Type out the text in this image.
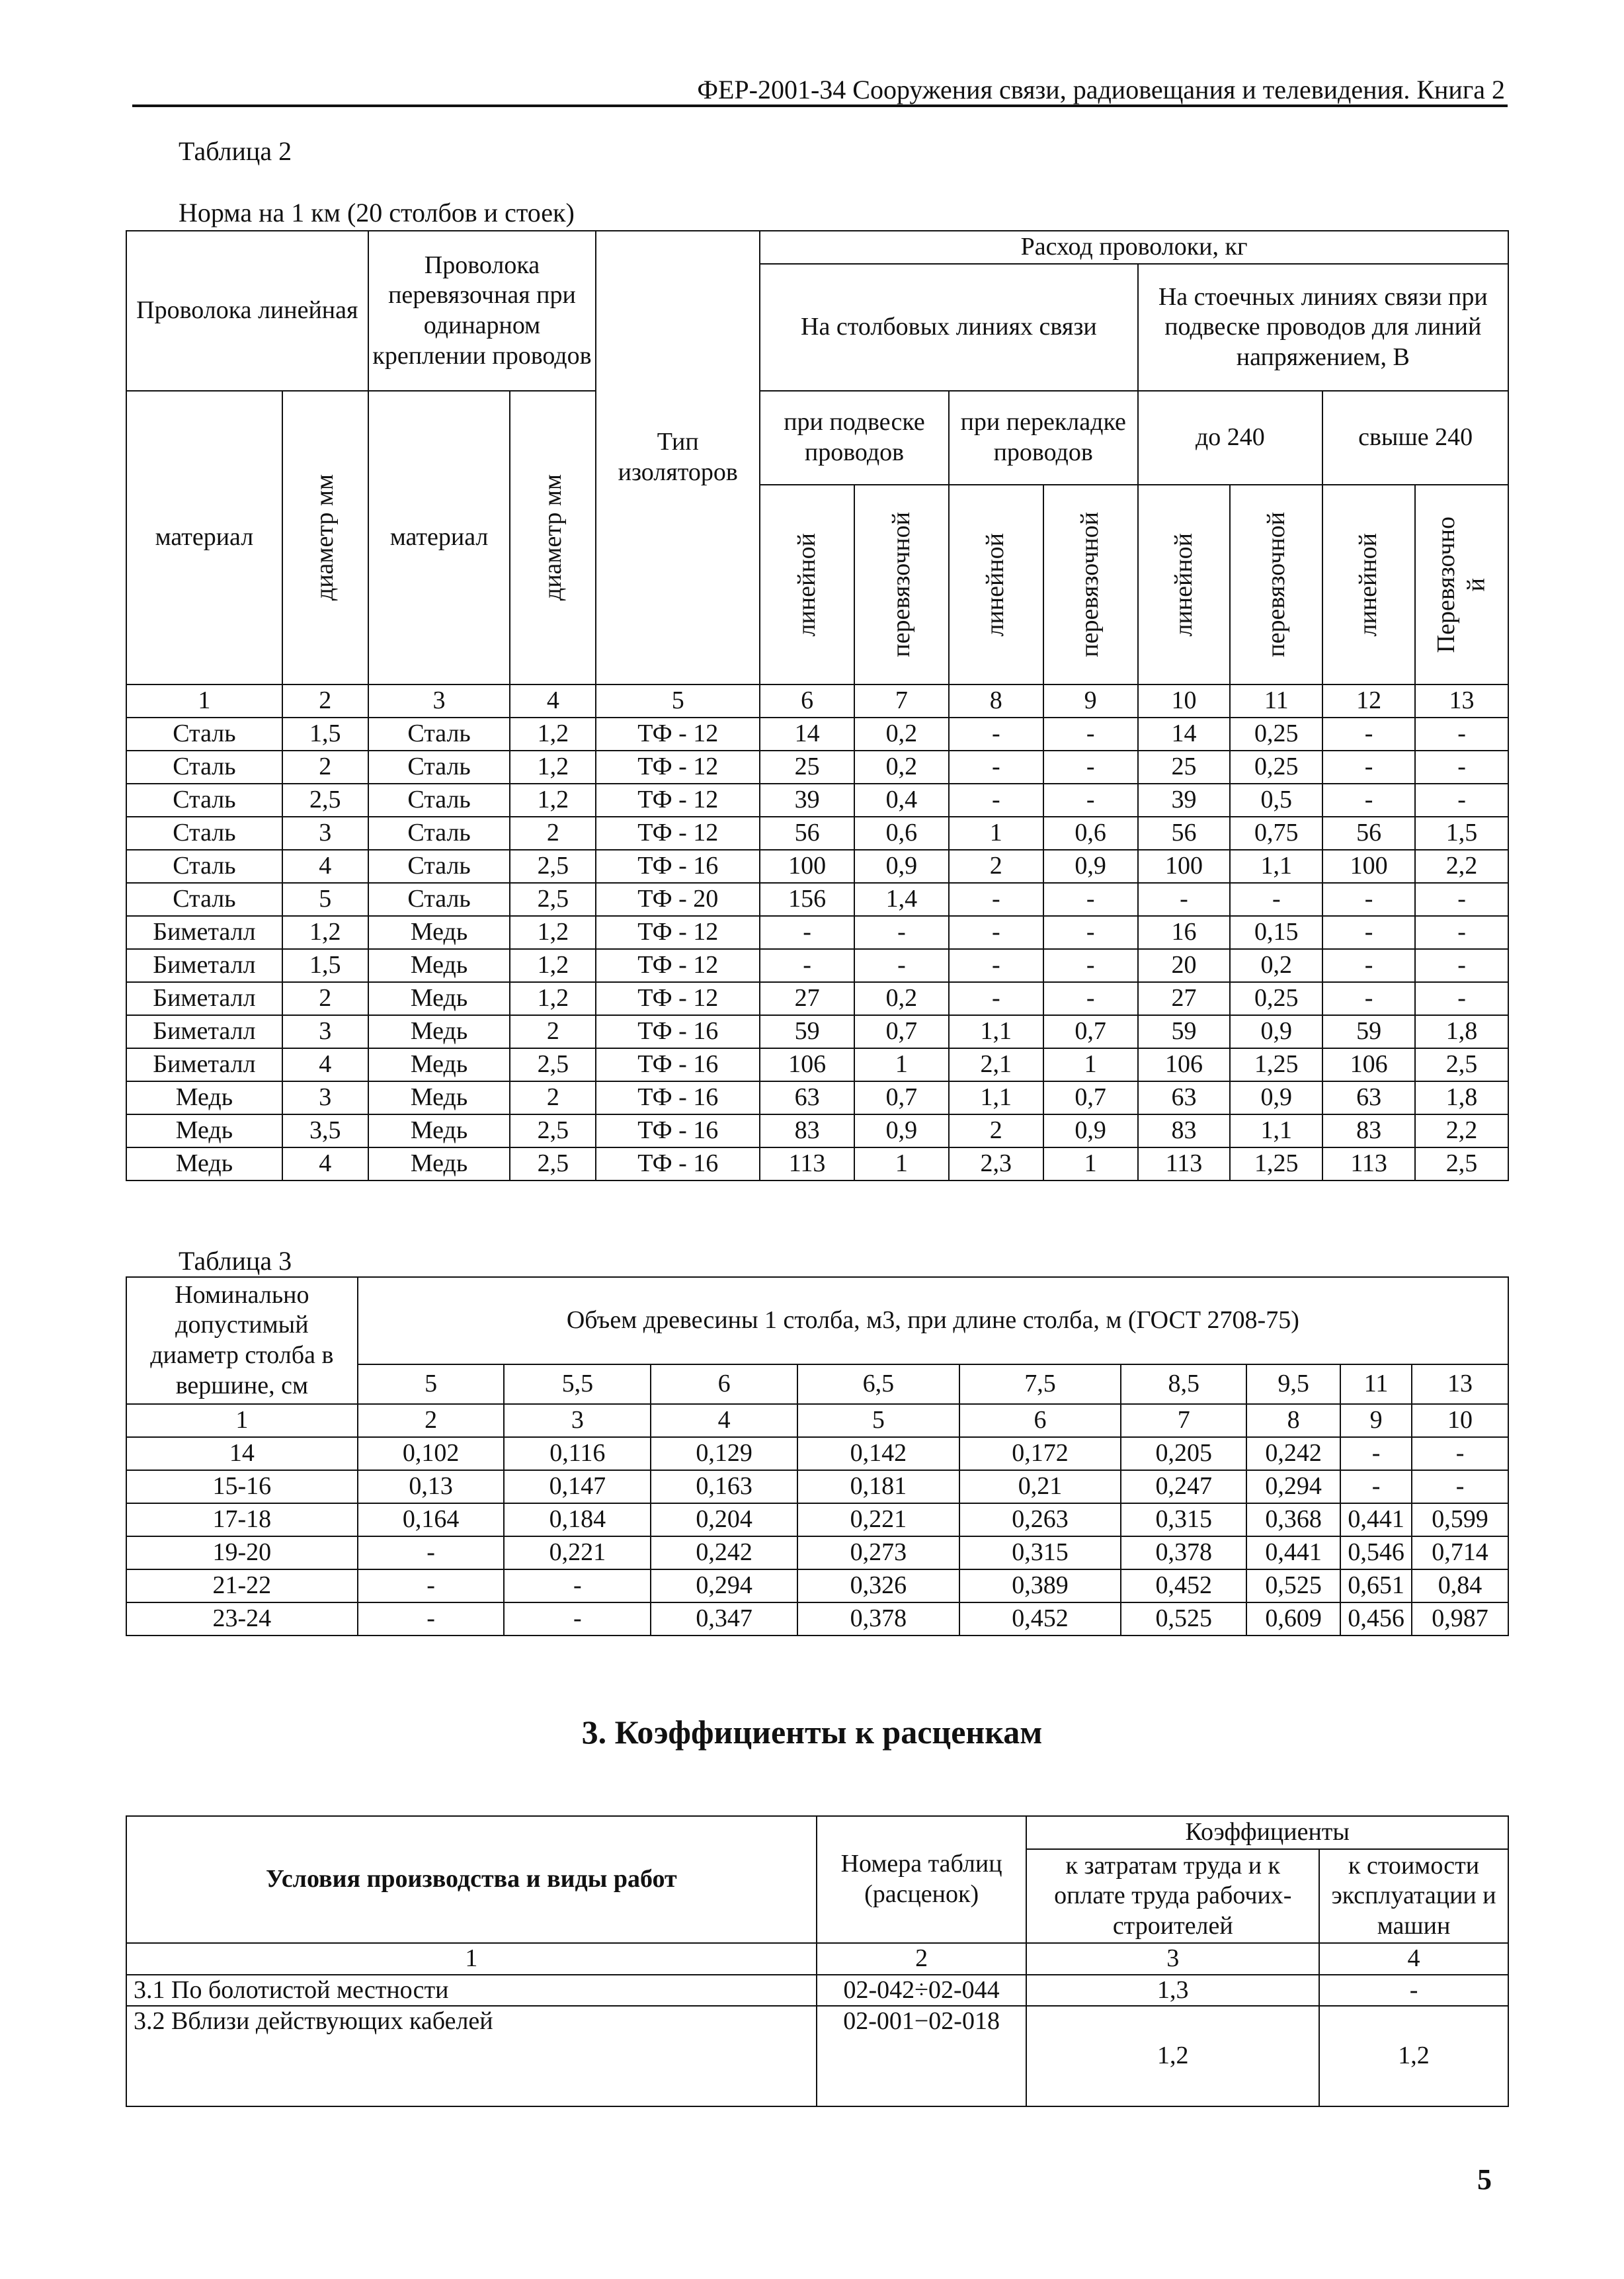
ФЕР-2001-34 Сооружения связи, радиовещания и телевидения. Книга 2
Таблица 2
Норма на 1 км (20 столбов и стоек)
Проволока линейная		Проволока перевязочная при одинарном креплении проводов		Тип изоляторов	Расход проволоки, кг							
					На столбовых линиях связи				На стоечных линиях связи при подвеске проводов для линий напряжением, В			
материал	диаметр мм	материал	диаметр мм		при подвеске проводов		при перекладке проводов		до 240		свыше 240	

					линейной	перевязочной	линейной	перевязочной	линейной	перевязочной	линейной	Перевязочно
й

1	2	3	4	5	6	7	8	9	10	11	12	13
Сталь	1,5	Сталь	1,2	ТФ - 12	14	0,2	-	-	14	0,25	-	-
Сталь	2	Сталь	1,2	ТФ - 12	25	0,2	-	-	25	0,25	-	-
Сталь	2,5	Сталь	1,2	ТФ - 12	39	0,4	-	-	39	0,5	-	-
Сталь	3	Сталь	2	ТФ - 12	56	0,6	1	0,6	56	0,75	56	1,5
Сталь	4	Сталь	2,5	ТФ - 16	100	0,9	2	0,9	100	1,1	100	2,2
Сталь	5	Сталь	2,5	ТФ - 20	156	1,4	-	-	-	-	-	-
Биметалл	1,2	Медь	1,2	ТФ - 12	-	-	-	-	16	0,15	-	-
Биметалл	1,5	Медь	1,2	ТФ - 12	-	-	-	-	20	0,2	-	-
Биметалл	2	Медь	1,2	ТФ - 12	27	0,2	-	-	27	0,25	-	-
Биметалл	3	Медь	2	ТФ - 16	59	0,7	1,1	0,7	59	0,9	59	1,8
Биметалл	4	Медь	2,5	ТФ - 16	106	1	2,1	1	106	1,25	106	2,5
Медь	3	Медь	2	ТФ - 16	63	0,7	1,1	0,7	63	0,9	63	1,8
Медь	3,5	Медь	2,5	ТФ - 16	83	0,9	2	0,9	83	1,1	83	2,2
Медь	4	Медь	2,5	ТФ - 16	113	1	2,3	1	113	1,25	113	2,5
Таблица 3
Номинально допустимый диаметр столба в вершине, см	Объем древесины 1 столба, м3, при длине столба, м (ГОСТ 2708-75)								
	5	5,5	6	6,5	7,5	8,5	9,5	11	13
1	2	3	4	5	6	7	8	9	10
14	0,102	0,116	0,129	0,142	0,172	0,205	0,242	-	-
15-16	0,13	0,147	0,163	0,181	0,21	0,247	0,294	-	-
17-18	0,164	0,184	0,204	0,221	0,263	0,315	0,368	0,441	0,599
19-20	-	0,221	0,242	0,273	0,315	0,378	0,441	0,546	0,714
21-22	-	-	0,294	0,326	0,389	0,452	0,525	0,651	0,84
23-24	-	-	0,347	0,378	0,452	0,525	0,609	0,456	0,987
3. Коэффициенты к расценкам
Условия производства и виды работ	Номера таблиц (расценок)	Коэффициенты	
		к затратам труда и к оплате труда рабочих-строителей	к стоимости эксплуатации и машин
1	2	3	4
3.1 По болотистой местности	02-042÷02-044	1,3	-
3.2 Вблизи действующих кабелей	02-001−02-018	1,2	1,2
5
